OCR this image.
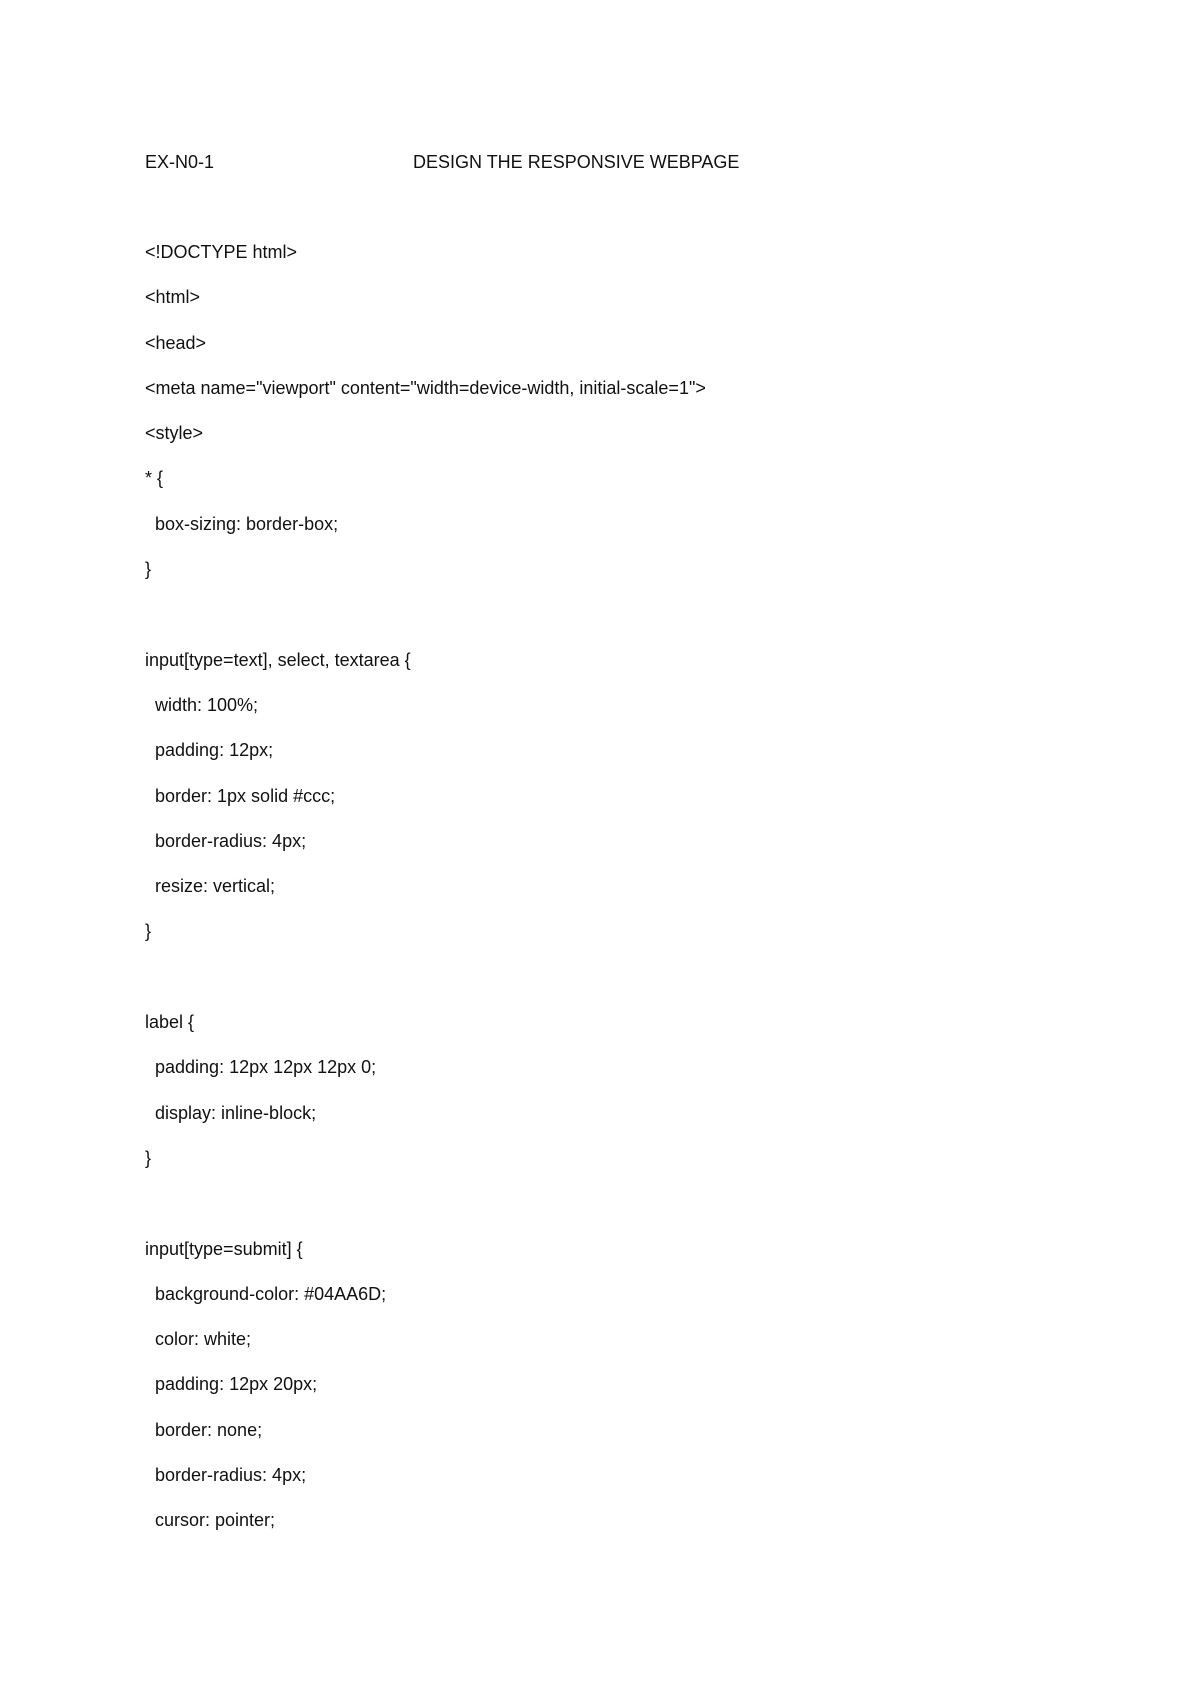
EX-N0-1	DESIGN THE RESPONSIVE WEBPAGE
<!DOCTYPE html>
<html>
<head>
<meta name="viewport" content="width=device-width, initial-scale=1">
<style>
* {
box-sizing: border-box;
}
input[type=text], select, textarea {
width: 100%;
padding: 12px;
border: 1px solid #ccc;
border-radius: 4px;
resize: vertical;
}
label {
padding: 12px 12px 12px 0;
display: inline-block;
}
input[type=submit] {
background-color: #04AA6D;
color: white;
padding: 12px 20px;
border: none;
border-radius: 4px;
cursor: pointer;
